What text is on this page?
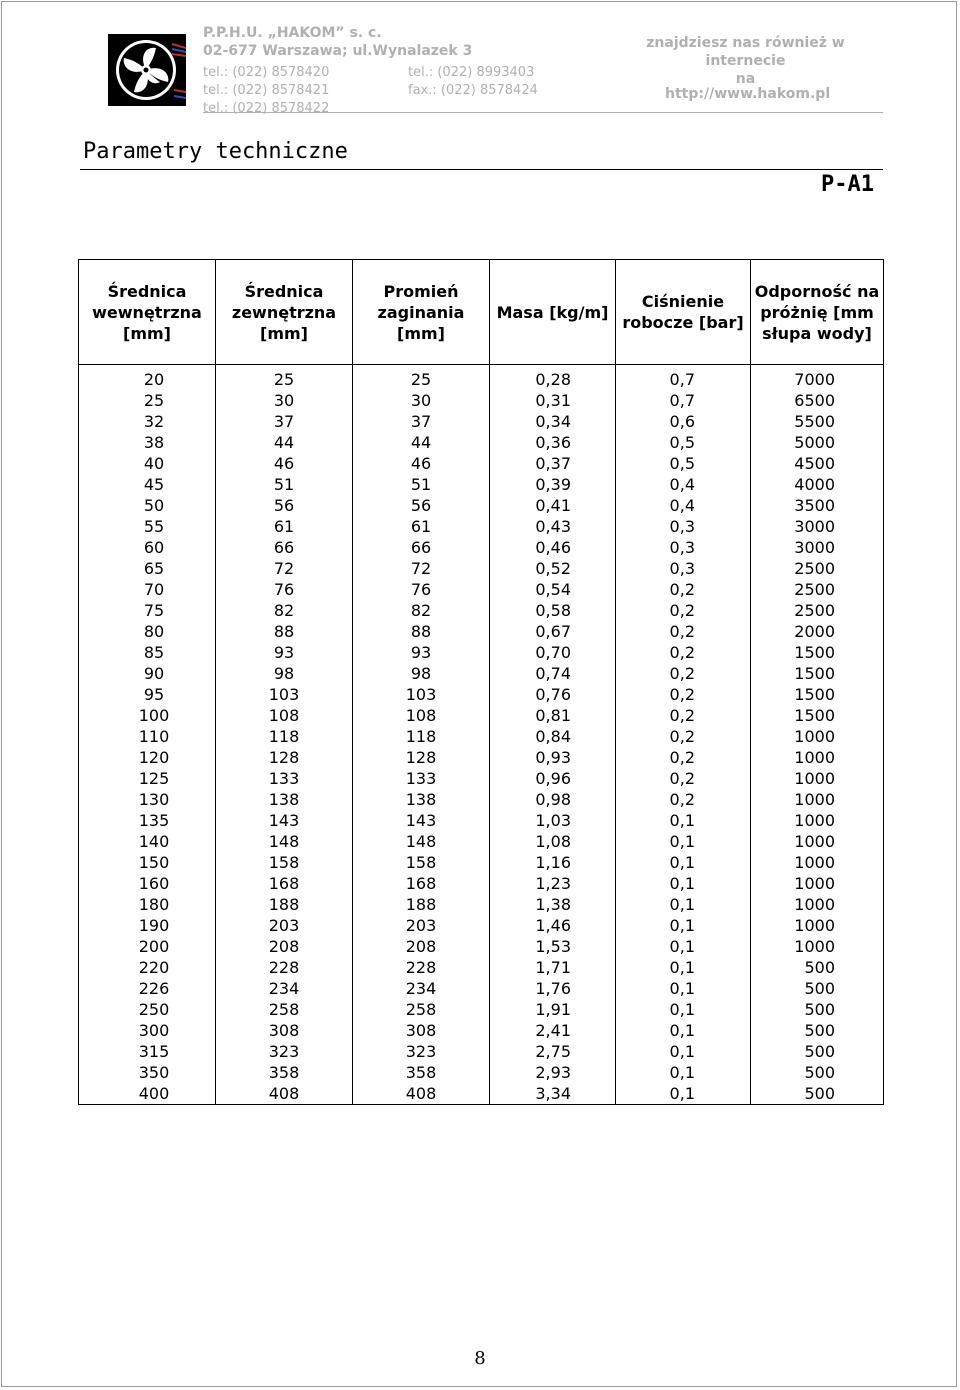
P.P.H.U. „HAKOM” s. c.
02-677 Warszawa; ul.Wynalazek 3
tel.: (022) 8578420
tel.: (022) 8578421
tel.: (022) 8578422
tel.: (022) 8993403
fax.: (022) 8578424
znajdziesz nas również w internecie
na
http://www.hakom.pl
Parametry techniczne
P-A1
Średnica
wewnętrzna
[mm]	Średnica
zewnętrzna
[mm]	Promień
zaginania
[mm]	Masa [kg/m]	Ciśnienie
robocze [bar]	Odporność na
próżnię [mm
słupa wody]
20	25	25	0,28	0,7	7000
25	30	30	0,31	0,7	6500
32	37	37	0,34	0,6	5500
38	44	44	0,36	0,5	5000
40	46	46	0,37	0,5	4500
45	51	51	0,39	0,4	4000
50	56	56	0,41	0,4	3500
55	61	61	0,43	0,3	3000
60	66	66	0,46	0,3	3000
65	72	72	0,52	0,3	2500
70	76	76	0,54	0,2	2500
75	82	82	0,58	0,2	2500
80	88	88	0,67	0,2	2000
85	93	93	0,70	0,2	1500
90	98	98	0,74	0,2	1500
95	103	103	0,76	0,2	1500
100	108	108	0,81	0,2	1500
110	118	118	0,84	0,2	1000
120	128	128	0,93	0,2	1000
125	133	133	0,96	0,2	1000
130	138	138	0,98	0,2	1000
135	143	143	1,03	0,1	1000
140	148	148	1,08	0,1	1000
150	158	158	1,16	0,1	1000
160	168	168	1,23	0,1	1000
180	188	188	1,38	0,1	1000
190	203	203	1,46	0,1	1000
200	208	208	1,53	0,1	1000
220	228	228	1,71	0,1	500
226	234	234	1,76	0,1	500
250	258	258	1,91	0,1	500
300	308	308	2,41	0,1	500
315	323	323	2,75	0,1	500
350	358	358	2,93	0,1	500
400	408	408	3,34	0,1	500
8
